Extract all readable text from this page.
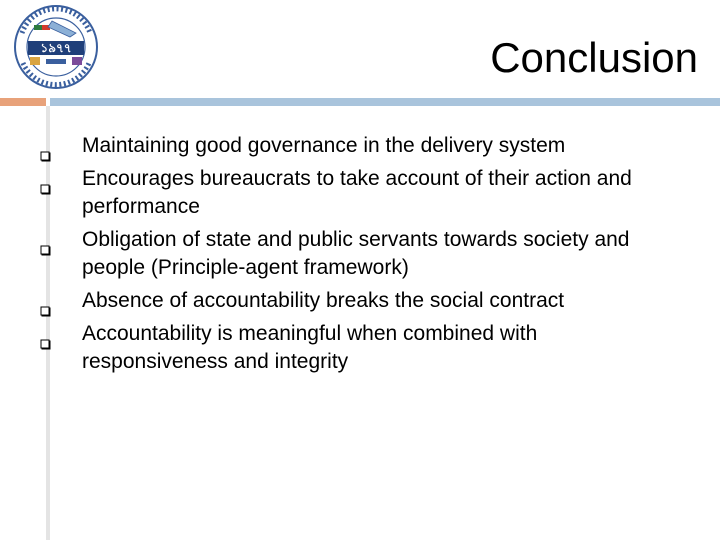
১৯৭৭	Conclusion
Maintaining good governance in the delivery system
Encourages bureaucrats to take account of their action and performance
Obligation of state and public servants towards society and people (Principle-agent framework)
Absence of accountability breaks the social contract
Accountability is meaningful when combined with responsiveness and integrity
